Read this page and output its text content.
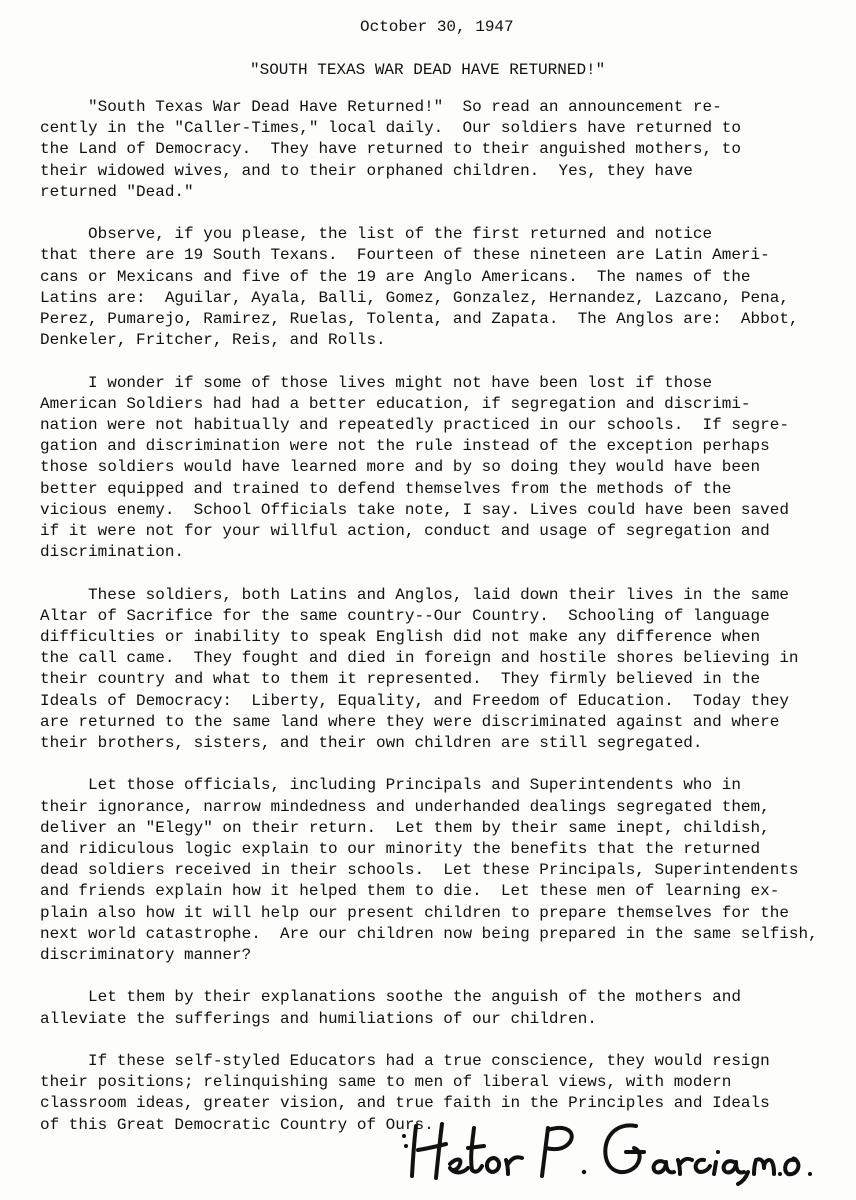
October 30, 1947
"SOUTH TEXAS WAR DEAD HAVE RETURNED!"
"South Texas War Dead Have Returned!"  So read an announcement re-
cently in the "Caller-Times," local daily.  Our soldiers have returned to
the Land of Democracy.  They have returned to their anguished mothers, to
their widowed wives, and to their orphaned children.  Yes, they have
returned "Dead."
Observe, if you please, the list of the first returned and notice
that there are 19 South Texans.  Fourteen of these nineteen are Latin Ameri-
cans or Mexicans and five of the 19 are Anglo Americans.  The names of the
Latins are:  Aguilar, Ayala, Balli, Gomez, Gonzalez, Hernandez, Lazcano, Pena,
Perez, Pumarejo, Ramirez, Ruelas, Tolenta, and Zapata.  The Anglos are:  Abbot,
Denkeler, Fritcher, Reis, and Rolls.
I wonder if some of those lives might not have been lost if those
American Soldiers had had a better education, if segregation and discrimi-
nation were not habitually and repeatedly practiced in our schools.  If segre-
gation and discrimination were not the rule instead of the exception perhaps
those soldiers would have learned more and by so doing they would have been
better equipped and trained to defend themselves from the methods of the
vicious enemy.  School Officials take note, I say. Lives could have been saved
if it were not for your willful action, conduct and usage of segregation and
discrimination.
These soldiers, both Latins and Anglos, laid down their lives in the same
Altar of Sacrifice for the same country--Our Country.  Schooling of language
difficulties or inability to speak English did not make any difference when
the call came.  They fought and died in foreign and hostile shores believing in
their country and what to them it represented.  They firmly believed in the
Ideals of Democracy:  Liberty, Equality, and Freedom of Education.  Today they
are returned to the same land where they were discriminated against and where
their brothers, sisters, and their own children are still segregated.
Let those officials, including Principals and Superintendents who in
their ignorance, narrow mindedness and underhanded dealings segregated them,
deliver an "Elegy" on their return.  Let them by their same inept, childish,
and ridiculous logic explain to our minority the benefits that the returned
dead soldiers received in their schools.  Let these Principals, Superintendents
and friends explain how it helped them to die.  Let these men of learning ex-
plain also how it will help our present children to prepare themselves for the
next world catastrophe.  Are our children now being prepared in the same selfish,
discriminatory manner?
Let them by their explanations soothe the anguish of the mothers and
alleviate the sufferings and humiliations of our children.
If these self-styled Educators had a true conscience, they would resign
their positions; relinquishing same to men of liberal views, with modern
classroom ideas, greater vision, and true faith in the Principles and Ideals
of this Great Democratic Country of Ours.
